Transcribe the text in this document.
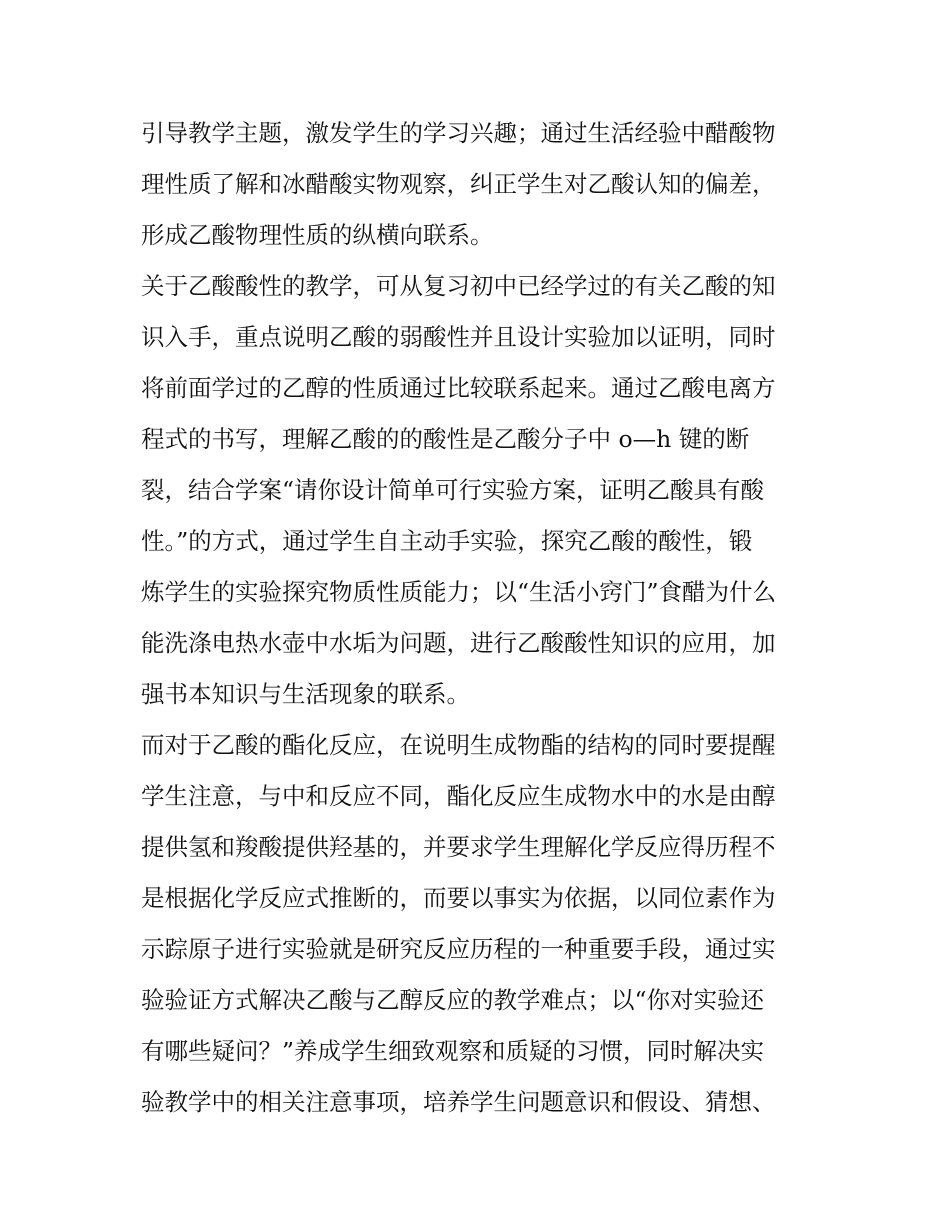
引导教学主题，激发学生的学习兴趣；通过生活经验中醋酸物
理性质了解和冰醋酸实物观察，纠正学生对乙酸认知的偏差，
形成乙酸物理性质的纵横向联系。
关于乙酸酸性的教学，可从复习初中已经学过的有关乙酸的知
识入手，重点说明乙酸的弱酸性并且设计实验加以证明，同时
将前面学过的乙醇的性质通过比较联系起来。通过乙酸电离方
程式的书写，理解乙酸的的酸性是乙酸分子中 o—h 键的断
裂，结合学案“请你设计简单可行实验方案，证明乙酸具有酸
性。”的方式，通过学生自主动手实验，探究乙酸的酸性，锻
炼学生的实验探究物质性质能力；以“生活小窍门”食醋为什么
能洗涤电热水壶中水垢为问题，进行乙酸酸性知识的应用，加
强书本知识与生活现象的联系。
而对于乙酸的酯化反应，在说明生成物酯的结构的同时要提醒
学生注意，与中和反应不同，酯化反应生成物水中的水是由醇
提供氢和羧酸提供羟基的，并要求学生理解化学反应得历程不
是根据化学反应式推断的，而要以事实为依据，以同位素作为
示踪原子进行实验就是研究反应历程的一种重要手段，通过实
验验证方式解决乙酸与乙醇反应的教学难点；以“你对实验还
有哪些疑问？”养成学生细致观察和质疑的习惯，同时解决实
验教学中的相关注意事项，培养学生问题意识和假设、猜想、
